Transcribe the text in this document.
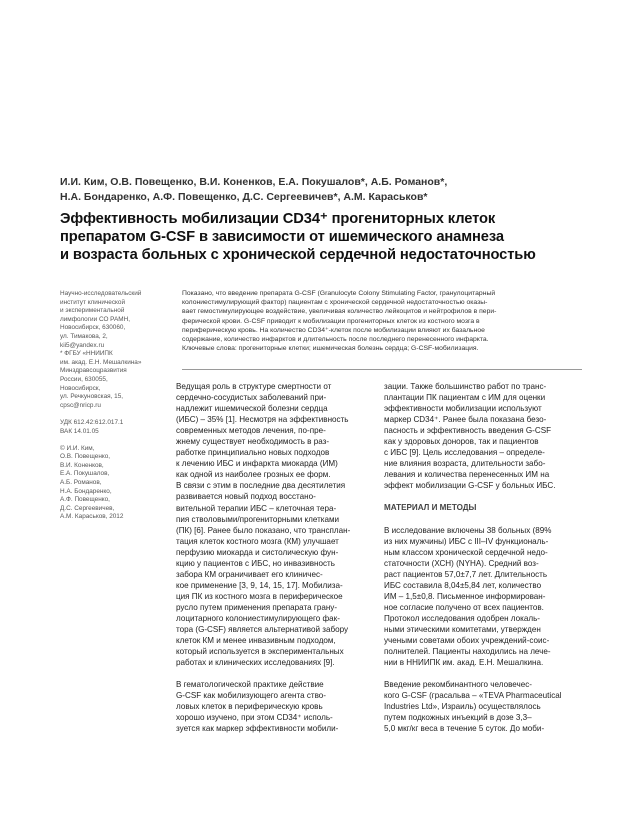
И.И. Ким, О.В. Повещенко, В.И. Коненков, Е.А. Покушалов*, А.Б. Романов*,
Н.А. Бондаренко, А.Ф. Повещенко, Д.С. Сергеевичев*, А.М. Караськов*
Эффективность мобилизации CD34⁺ прогениторных клеток
препаратом G-CSF в зависимости от ишемического анамнеза
и возраста больных с хронической сердечной недостаточностью
Научно-исследовательский
институт клинической
и экспериментальной
лимфологии СО РАМН,
Новосибирск, 630060,
ул. Тимакова, 2,
kii5@yandex.ru
* ФГБУ «ННИИПК
им. акад. Е.Н. Мешалкина»
Минздравсоцразвития
России, 630055,
Новосибирск,
ул. Речкуновская, 15,
cpsc@nricp.ru
УДК 612.42:612.017.1
ВАК 14.01.05
© И.И. Ким,
О.В. Повещенко,
В.И. Коненков,
Е.А. Покушалов,
А.Б. Романов,
Н.А. Бондаренко,
А.Ф. Повещенко,
Д.С. Сергеевичев,
А.М. Караськов, 2012
Показано, что введение препарата G-CSF (Granulocyte Colony Stimulating Factor, гранулоцитарный
колониестимулирующий фактор) пациентам с хронической сердечной недостаточностью оказы-
вает гемостимулирующее воздействие, увеличивая количество лейкоцитов и нейтрофилов в пери-
ферической крови. G-CSF приводит к мобилизации прогениторных клеток из костного мозга в
периферическую кровь. На количество CD34⁺-клеток после мобилизации влияют их базальное
содержание, количество инфарктов и длительность после последнего перенесенного инфаркта.
Ключевые слова: прогениторные клетки; ишемическая болезнь сердца; G-CSF-мобилизация.
Ведущая роль в структуре смертности от
сердечно-сосудистых заболеваний при-
надлежит ишемической болезни сердца
(ИБС) – 35% [1]. Несмотря на эффективность
современных методов лечения, по-пре-
жнему существует необходимость в раз-
работке принципиально новых подходов
к лечению ИБС и инфаркта миокарда (ИМ)
как одной из наиболее грозных ее форм.
В связи с этим в последние два десятилетия
развивается новый подход восстано-
вительной терапии ИБС – клеточная тера-
пия стволовыми/прогениторными клетками
(ПК) [6]. Ранее было показано, что трансплан-
тация клеток костного мозга (КМ) улучшает
перфузию миокарда и систолическую фун-
кцию у пациентов с ИБС, но инвазивность
забора КМ ограничивает его клиничес-
кое применение [3, 9, 14, 15, 17]. Мобилиза-
ция ПК из костного мозга в периферическое
русло путем применения препарата грану-
лоцитарного колониестимулирующего фак-
тора (G-CSF) является альтернативой забору
клеток КМ и менее инвазивным подходом,
который используется в экспериментальных
работах и клинических исследованиях [9].
В гематологической практике действие
G-CSF как мобилизующего агента ство-
ловых клеток в периферическую кровь
хорошо изучено, при этом CD34⁺ исполь-
зуется как маркер эффективности мобили-
зации. Также большинство работ по транс-
плантации ПК пациентам с ИМ для оценки
эффективности мобилизации используют
маркер CD34⁺. Ранее была показана безо-
пасность и эффективность введения G-CSF
как у здоровых доноров, так и пациентов
с ИБС [9]. Цель исследования – определе-
ние влияния возраста, длительности забо-
левания и количества перенесенных ИМ на
эффект мобилизации G-CSF у больных ИБС.
МАТЕРИАЛ И МЕТОДЫ
В исследование включены 38 больных (89%
из них мужчины) ИБС с III–IV функциональ-
ным классом хронической сердечной недо-
статочности (ХСН) (NYHA). Средний воз-
раст пациентов 57,0±7,7 лет. Длительность
ИБС составила 8,04±5,84 лет, количество
ИМ – 1,5±0,8. Письменное информирован-
ное согласие получено от всех пациентов.
Протокол исследования одобрен локаль-
ными этическими комитетами, утвержден
учеными советами обоих учреждений-соис-
полнителей. Пациенты находились на лече-
нии в ННИИПК им. акад. Е.Н. Мешалкина.
Введение рекомбинантного человечес-
кого G-CSF (грасальва – «TEVA Pharmaceutical
Industries Ltd», Израиль) осуществлялось
путем подкожных инъекций в дозе 3,3–
5,0 мкг/кг веса в течение 5 суток. До моби-
